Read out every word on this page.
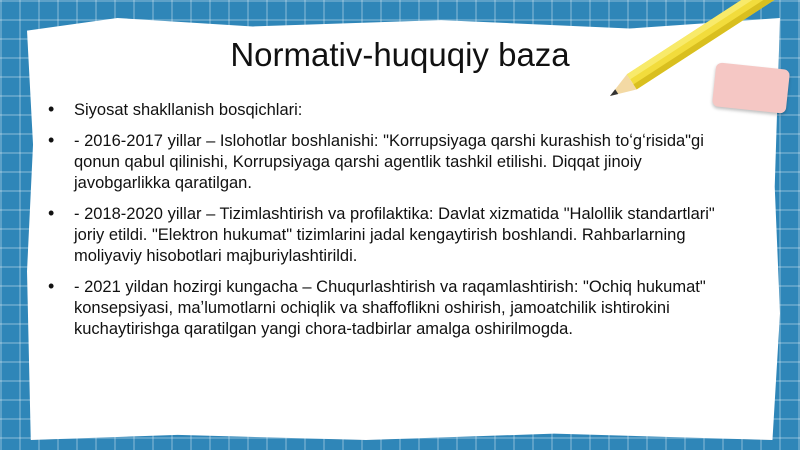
Normativ-huquqiy baza
• Siyosat shakllanish bosqichlari:
• - 2016-2017 yillar – Islohotlar boshlanishi: "Korrupsiyaga qarshi kurashish toʻgʻrisida"gi qonun qabul qilinishi, Korrupsiyaga qarshi agentlik tashkil etilishi. Diqqat jinoiy javobgarlikka qaratilgan.
• - 2018-2020 yillar – Tizimlashtirish va profilaktika: Davlat xizmatida "Halollik standartlari" joriy etildi. "Elektron hukumat" tizimlarini jadal kengaytirish boshlandi. Rahbarlarning moliyaviy hisobotlari majburiylashtirildi.
• - 2021 yildan hozirgi kungacha – Chuqurlashtirish va raqamlashtirish: "Ochiq hukumat" konsepsiyasi, maʼlumotlarni ochiqlik va shaffoflikni oshirish, jamoatchilik ishtirokini kuchaytirishga qaratilgan yangi chora-tadbirlar amalga oshirilmogda.
